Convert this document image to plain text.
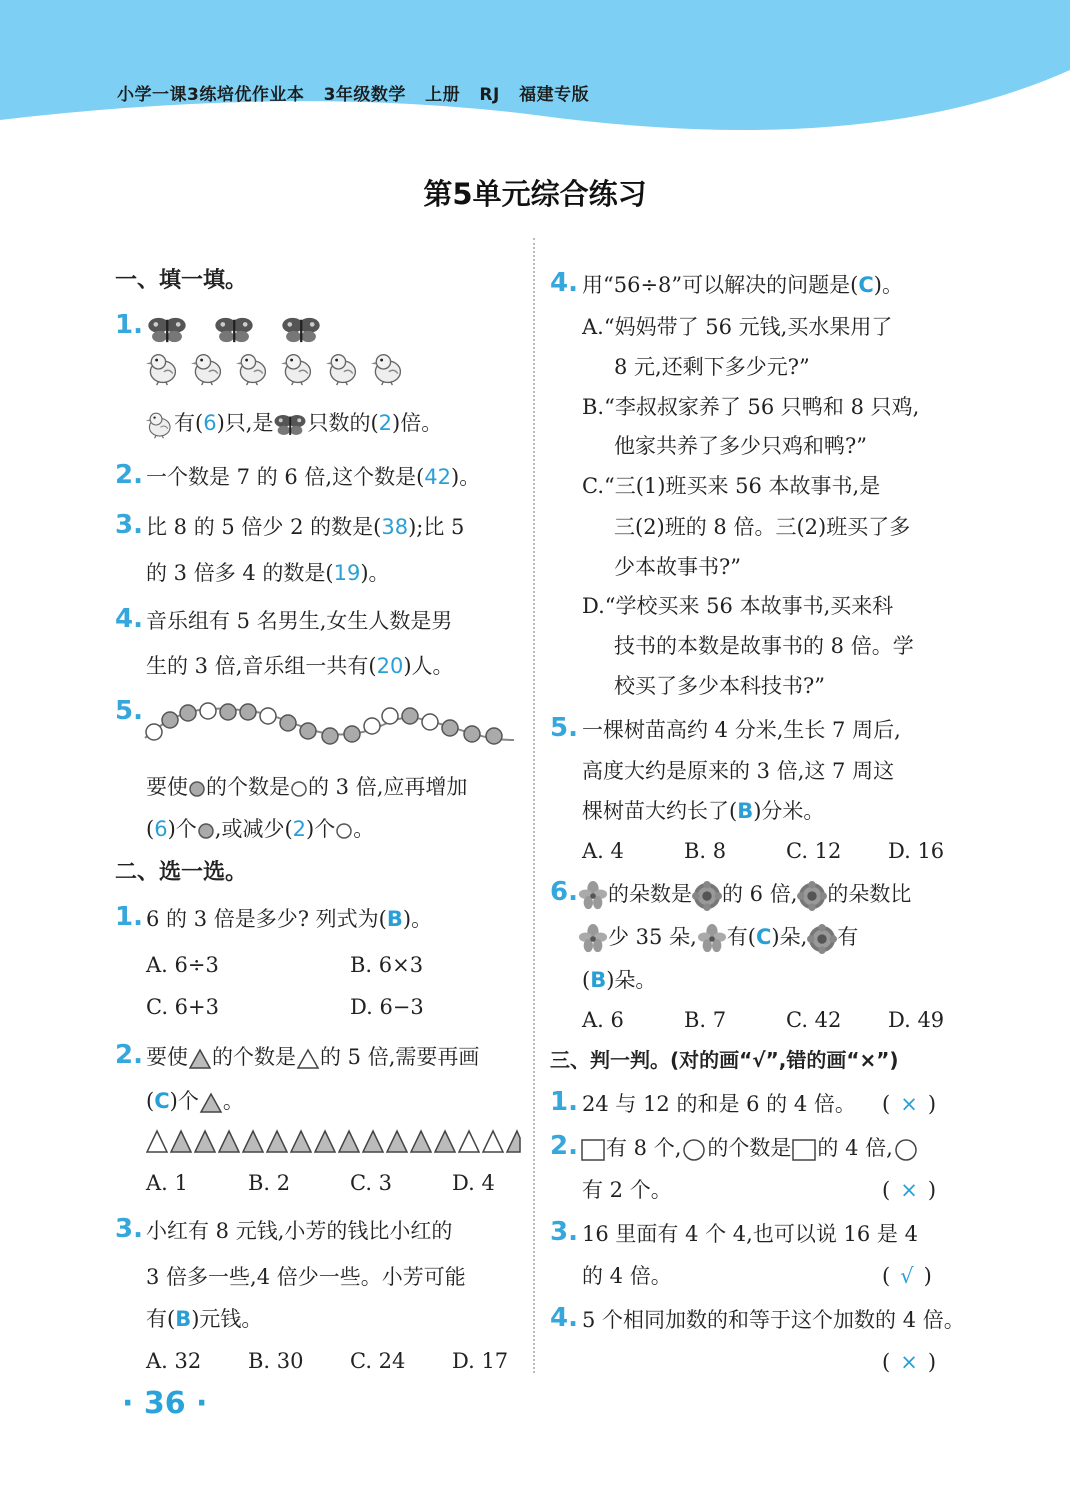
小学一课3练培优作业本   3年级数学   上册   RJ   福建专版
第5单元综合练习
一、填一填。
1.

有(6)只,是 只数的(2)倍。
2. 一个数是 7 的 6 倍,这个数是(42)。
3. 比 8 的 5 倍少 2 的数是(38);比 5
的 3 倍多 4 的数是(19)。
4. 音乐组有 5 名男生,女生人数是男
生的 3 倍,音乐组一共有(20)人。
5.
要使 的个数是 的 3 倍,应再增加
(6)个 ,或减少(2)个 。
二、选一选。
1. 6 的 3 倍是多少? 列式为(B)。
A. 6÷3	B. 6×3
C. 6+3	D. 6−3
2. 要使 的个数是 的 5 倍,需要再画
(C)个 。
A. 1	B. 2	C. 3	D. 4
3. 小红有 8 元钱,小芳的钱比小红的
3 倍多一些,4 倍少一些。小芳可能
有(B)元钱。
A. 32 B. 30 C. 24 D. 17
· 36 ·
4. 用“56÷8”可以解决的问题是(C)。
A.“妈妈带了 56 元钱,买水果用了
8 元,还剩下多少元?”
B.“李叔叔家养了 56 只鸭和 8 只鸡,
他家共养了多少只鸡和鸭?”
C.“三(1)班买来 56 本故事书,是
三(2)班的 8 倍。三(2)班买了多
少本故事书?”
D.“学校买来 56 本故事书,买来科
技书的本数是故事书的 8 倍。学
校买了多少本科技书?”
5. 一棵树苗高约 4 分米,生长 7 周后,
高度大约是原来的 3 倍,这 7 周这
棵树苗大约长了(B)分米。
A. 4	B. 8	C. 12 D. 16
6.	的朵数是 的 6 倍, 的朵数比
少 35 朵, 有(C)朵, 有
(B)朵。
A. 6	B. 7	C. 42 D. 49
三、判一判。(对的画“√”,错的画“×”)
1. 24 与 12 的和是 6 的 4 倍。 ( × )
2.	有 8 个, 的个数是 的 4 倍,
有 2 个。	( × )
3. 16 里面有 4 个 4,也可以说 16 是 4
的 4 倍。	( √ )
4. 5 个相同加数的和等于这个加数的 4 倍。
( × )
